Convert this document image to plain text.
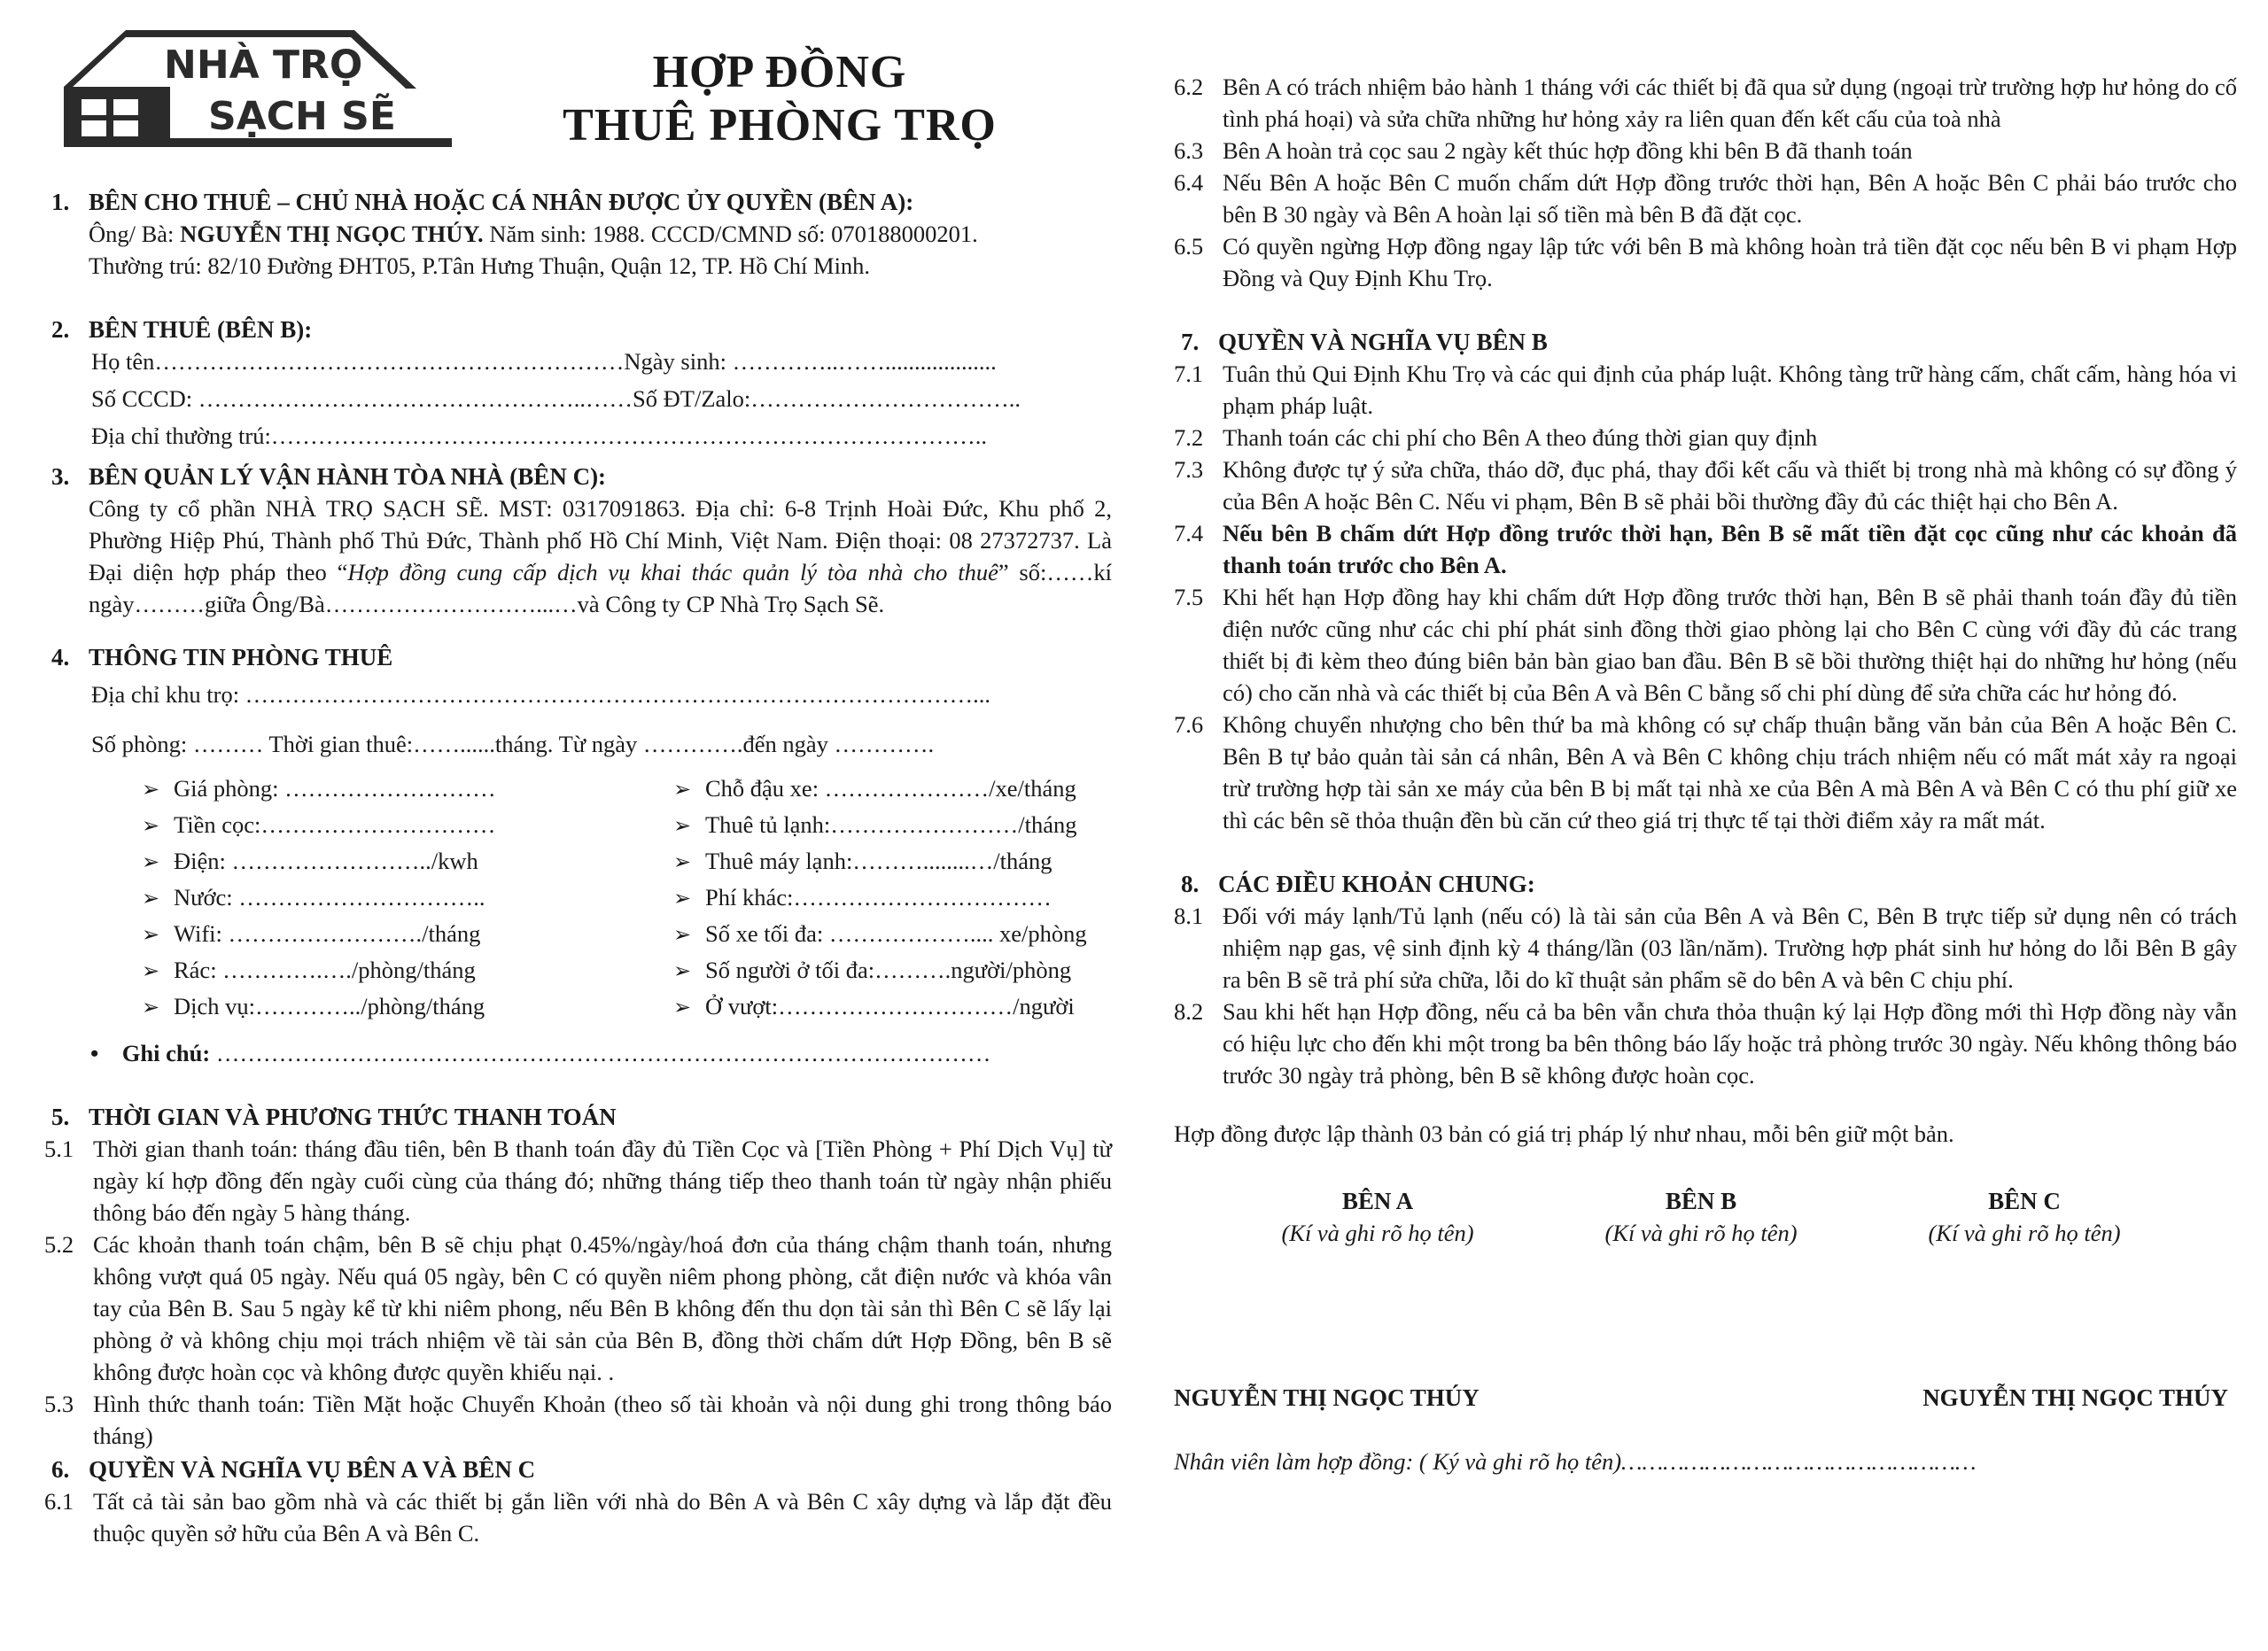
NHÀ TRỌ
SẠCH SẼ
HỢP ĐỒNG
THUÊ PHÒNG TRỌ
1. BÊN CHO THUÊ – CHỦ NHÀ HOẶC CÁ NHÂN ĐƯỢC ỦY QUYỀN (BÊN A):
Ông/ Bà: NGUYỄN THỊ NGỌC THÚY. Năm sinh: 1988. CCCD/CMND số: 070188000201.
Thường trú: 82/10 Đường ĐHT05, P.Tân Hưng Thuận, Quận 12, TP. Hồ Chí Minh.
2. BÊN THUÊ (BÊN B):
Họ tên……………………………………………………Ngày sinh: …………..……...................
Số CCCD: …………………………………………..……Số ĐT/Zalo:……………………………..
Địa chỉ thường trú:………………………………………………………………………………..
3. BÊN QUẢN LÝ VẬN HÀNH TÒA NHÀ (BÊN C):
Công ty cổ phần NHÀ TRỌ SẠCH SẼ. MST: 0317091863. Địa chỉ: 6-8 Trịnh Hoài Đức, Khu phố 2, Phường Hiệp Phú, Thành phố Thủ Đức, Thành phố Hồ Chí Minh, Việt Nam. Điện thoại: 08 27372737. Là Đại diện hợp pháp theo “Hợp đồng cung cấp dịch vụ khai thác quản lý tòa nhà cho thuê” số:……kí ngày………giữa Ông/Bà………………………...…và Công ty CP Nhà Trọ Sạch Sẽ.
4. THÔNG TIN PHÒNG THUÊ
Địa chỉ khu trọ: …………………………………………………………………………………...
Số phòng: ……… Thời gian thuê:……......tháng. Từ ngày ………….đến ngày ………….
➢ Giá phòng: ………………………	➢ Chỗ đậu xe: …………………/xe/tháng
➢ Tiền cọc:…………………………	➢ Thuê tủ lạnh:……………………/tháng
➢ Điện: ……………………../kwh	➢ Thuê máy lạnh:………........…/tháng
➢ Nước: …………………………..	➢ Phí khác:……………………………
➢ Wifi: ……………………./tháng	➢ Số xe tối đa: ……………….... xe/phòng
➢ Rác: ………….…./phòng/tháng	➢ Số người ở tối đa:……….người/phòng
➢ Dịch vụ:…………../phòng/tháng	➢ Ở vượt:…………………………/người
•    Ghi chú: ………………………………………………………………………………………
5. THỜI GIAN VÀ PHƯƠNG THỨC THANH TOÁN
5.1 Thời gian thanh toán: tháng đầu tiên, bên B thanh toán đầy đủ Tiền Cọc và [Tiền Phòng + Phí Dịch Vụ] từ ngày kí hợp đồng đến ngày cuối cùng của tháng đó; những tháng tiếp theo thanh toán từ ngày nhận phiếu thông báo đến ngày 5 hàng tháng.
5.2 Các khoản thanh toán chậm, bên B sẽ chịu phạt 0.45%/ngày/hoá đơn của tháng chậm thanh toán, nhưng không vượt quá 05 ngày. Nếu quá 05 ngày, bên C có quyền niêm phong phòng, cắt điện nước và khóa vân tay của Bên B. Sau 5 ngày kể từ khi niêm phong, nếu Bên B không đến thu dọn tài sản thì Bên C sẽ lấy lại phòng ở và không chịu mọi trách nhiệm về tài sản của Bên B, đồng thời chấm dứt Hợp Đồng, bên B sẽ không được hoàn cọc và không được quyền khiếu nại. .
5.3 Hình thức thanh toán: Tiền Mặt hoặc Chuyển Khoản (theo số tài khoản và nội dung ghi trong thông báo tháng)
6. QUYỀN VÀ NGHĨA VỤ BÊN A VÀ BÊN C
6.1 Tất cả tài sản bao gồm nhà và các thiết bị gắn liền với nhà do Bên A và Bên C xây dựng và lắp đặt đều thuộc quyền sở hữu của Bên A và Bên C.
6.2 Bên A có trách nhiệm bảo hành 1 tháng với các thiết bị đã qua sử dụng (ngoại trừ trường hợp hư hỏng do cố tình phá hoại) và sửa chữa những hư hỏng xảy ra liên quan đến kết cấu của toà nhà
6.3 Bên A hoàn trả cọc sau 2 ngày kết thúc hợp đồng khi bên B đã thanh toán
6.4 Nếu Bên A hoặc Bên C muốn chấm dứt Hợp đồng trước thời hạn, Bên A hoặc Bên C phải báo trước cho bên B 30 ngày và Bên A hoàn lại số tiền mà bên B đã đặt cọc.
6.5 Có quyền ngừng Hợp đồng ngay lập tức với bên B mà không hoàn trả tiền đặt cọc nếu bên B vi phạm Hợp Đồng và Quy Định Khu Trọ.
7. QUYỀN VÀ NGHĨA VỤ BÊN B
7.1 Tuân thủ Qui Định Khu Trọ và các qui định của pháp luật. Không tàng trữ hàng cấm, chất cấm, hàng hóa vi phạm pháp luật.
7.2 Thanh toán các chi phí cho Bên A theo đúng thời gian quy định
7.3 Không được tự ý sửa chữa, tháo dỡ, đục phá, thay đổi kết cấu và thiết bị trong nhà mà không có sự đồng ý của Bên A hoặc Bên C. Nếu vi phạm, Bên B sẽ phải bồi thường đầy đủ các thiệt hại cho Bên A.
7.4 Nếu bên B chấm dứt Hợp đồng trước thời hạn, Bên B sẽ mất tiền đặt cọc cũng như các khoản đã thanh toán trước cho Bên A.
7.5 Khi hết hạn Hợp đồng hay khi chấm dứt Hợp đồng trước thời hạn, Bên B sẽ phải thanh toán đầy đủ tiền điện nước cũng như các chi phí phát sinh đồng thời giao phòng lại cho Bên C cùng với đầy đủ các trang thiết bị đi kèm theo đúng biên bản bàn giao ban đầu. Bên B sẽ bồi thường thiệt hại do những hư hỏng (nếu có) cho căn nhà và các thiết bị của Bên A và Bên C bằng số chi phí dùng để sửa chữa các hư hỏng đó.
7.6 Không chuyển nhượng cho bên thứ ba mà không có sự chấp thuận bằng văn bản của Bên A hoặc Bên C. Bên B tự bảo quản tài sản cá nhân, Bên A và Bên C không chịu trách nhiệm nếu có mất mát xảy ra ngoại trừ trường hợp tài sản xe máy của bên B bị mất tại nhà xe của Bên A mà Bên A và Bên C có thu phí giữ xe thì các bên sẽ thỏa thuận đền bù căn cứ theo giá trị thực tế tại thời điểm xảy ra mất mát.
8. CÁC ĐIỀU KHOẢN CHUNG:
8.1 Đối với máy lạnh/Tủ lạnh (nếu có) là tài sản của Bên A và Bên C, Bên B trực tiếp sử dụng nên có trách nhiệm nạp gas, vệ sinh định kỳ 4 tháng/lần (03 lần/năm). Trường hợp phát sinh hư hỏng do lỗi Bên B gây ra bên B sẽ trả phí sửa chữa, lỗi do kĩ thuật sản phẩm sẽ do bên A và bên C chịu phí.
8.2 Sau khi hết hạn Hợp đồng, nếu cả ba bên vẫn chưa thỏa thuận ký lại Hợp đồng mới thì Hợp đồng này vẫn có hiệu lực cho đến khi một trong ba bên thông báo lấy hoặc trả phòng trước 30 ngày. Nếu không thông báo trước 30 ngày trả phòng, bên B sẽ không được hoàn cọc.
Hợp đồng được lập thành 03 bản có giá trị pháp lý như nhau, mỗi bên giữ một bản.
BÊN A
(Kí và ghi rõ họ tên)
BÊN B
(Kí và ghi rõ họ tên)
BÊN C
(Kí và ghi rõ họ tên)
NGUYỄN THỊ NGỌC THÚY	NGUYỄN THỊ NGỌC THÚY
Nhân viên làm hợp đồng: ( Ký và ghi rõ họ tên)……………………………………………
